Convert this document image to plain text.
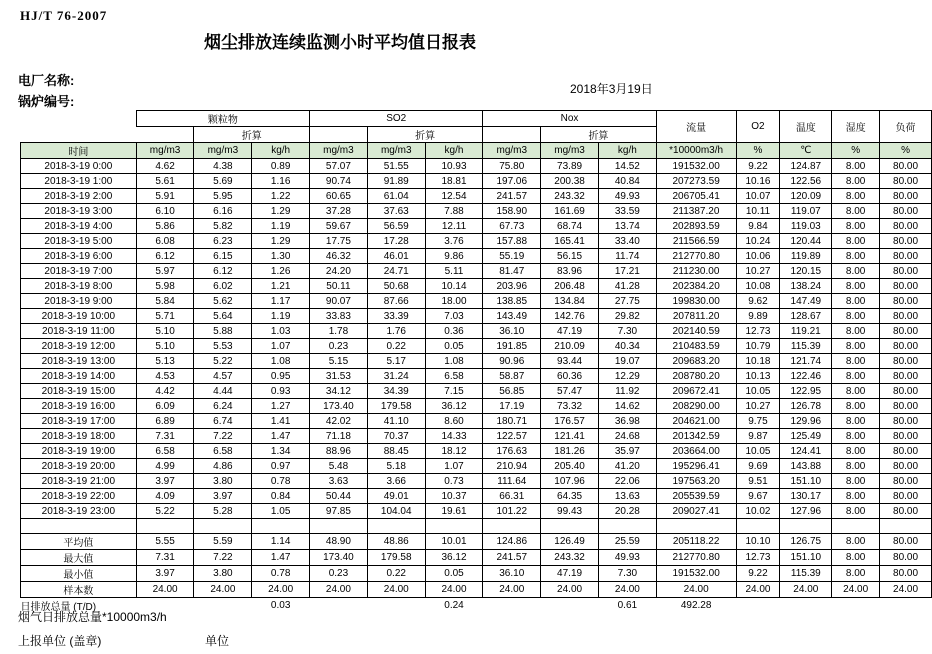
HJ/T 76-2007
烟尘排放连续监测小时平均值日报表
电厂名称:
锅炉编号:
2018年3月19日
	颗粒物			SO2			Nox			流量	O2	温度	湿度	负荷
		折算			折算			折算						
时间	mg/m3	mg/m3	kg/h	mg/m3	mg/m3	kg/h	mg/m3	mg/m3	kg/h	*10000m3/h	%	℃	%	%
2018-3-19 0:00	4.62	4.38	0.89	57.07	51.55	10.93	75.80	73.89	14.52	191532.00	9.22	124.87	8.00	80.00
2018-3-19 1:00	5.61	5.69	1.16	90.74	91.89	18.81	197.06	200.38	40.84	207273.59	10.16	122.56	8.00	80.00
2018-3-19 2:00	5.91	5.95	1.22	60.65	61.04	12.54	241.57	243.32	49.93	206705.41	10.07	120.09	8.00	80.00
2018-3-19 3:00	6.10	6.16	1.29	37.28	37.63	7.88	158.90	161.69	33.59	211387.20	10.11	119.07	8.00	80.00
2018-3-19 4:00	5.86	5.82	1.19	59.67	56.59	12.11	67.73	68.74	13.74	202893.59	9.84	119.03	8.00	80.00
2018-3-19 5:00	6.08	6.23	1.29	17.75	17.28	3.76	157.88	165.41	33.40	211566.59	10.24	120.44	8.00	80.00
2018-3-19 6:00	6.12	6.15	1.30	46.32	46.01	9.86	55.19	56.15	11.74	212770.80	10.06	119.89	8.00	80.00
2018-3-19 7:00	5.97	6.12	1.26	24.20	24.71	5.11	81.47	83.96	17.21	211230.00	10.27	120.15	8.00	80.00
2018-3-19 8:00	5.98	6.02	1.21	50.11	50.68	10.14	203.96	206.48	41.28	202384.20	10.08	138.24	8.00	80.00
2018-3-19 9:00	5.84	5.62	1.17	90.07	87.66	18.00	138.85	134.84	27.75	199830.00	9.62	147.49	8.00	80.00
2018-3-19 10:00	5.71	5.64	1.19	33.83	33.39	7.03	143.49	142.76	29.82	207811.20	9.89	128.67	8.00	80.00
2018-3-19 11:00	5.10	5.88	1.03	1.78	1.76	0.36	36.10	47.19	7.30	202140.59	12.73	119.21	8.00	80.00
2018-3-19 12:00	5.10	5.53	1.07	0.23	0.22	0.05	191.85	210.09	40.34	210483.59	10.79	115.39	8.00	80.00
2018-3-19 13:00	5.13	5.22	1.08	5.15	5.17	1.08	90.96	93.44	19.07	209683.20	10.18	121.74	8.00	80.00
2018-3-19 14:00	4.53	4.57	0.95	31.53	31.24	6.58	58.87	60.36	12.29	208780.20	10.13	122.46	8.00	80.00
2018-3-19 15:00	4.42	4.44	0.93	34.12	34.39	7.15	56.85	57.47	11.92	209672.41	10.05	122.95	8.00	80.00
2018-3-19 16:00	6.09	6.24	1.27	173.40	179.58	36.12	17.19	73.32	14.62	208290.00	10.27	126.78	8.00	80.00
2018-3-19 17:00	6.89	6.74	1.41	42.02	41.10	8.60	180.71	176.57	36.98	204621.00	9.75	129.96	8.00	80.00
2018-3-19 18:00	7.31	7.22	1.47	71.18	70.37	14.33	122.57	121.41	24.68	201342.59	9.87	125.49	8.00	80.00
2018-3-19 19:00	6.58	6.58	1.34	88.96	88.45	18.12	176.63	181.26	35.97	203664.00	10.05	124.41	8.00	80.00
2018-3-19 20:00	4.99	4.86	0.97	5.48	5.18	1.07	210.94	205.40	41.20	195296.41	9.69	143.88	8.00	80.00
2018-3-19 21:00	3.97	3.80	0.78	3.63	3.66	0.73	111.64	107.96	22.06	197563.20	9.51	151.10	8.00	80.00
2018-3-19 22:00	4.09	3.97	0.84	50.44	49.01	10.37	66.31	64.35	13.63	205539.59	9.67	130.17	8.00	80.00
2018-3-19 23:00	5.22	5.28	1.05	97.85	104.04	19.61	101.22	99.43	20.28	209027.41	10.02	127.96	8.00	80.00

平均值	5.55	5.59	1.14	48.90	48.86	10.01	124.86	126.49	25.59	205118.22	10.10	126.75	8.00	80.00
最大值	7.31	7.22	1.47	173.40	179.58	36.12	241.57	243.32	49.93	212770.80	12.73	151.10	8.00	80.00
最小值	3.97	3.80	0.78	0.23	0.22	0.05	36.10	47.19	7.30	191532.00	9.22	115.39	8.00	80.00
样本数	24.00	24.00	24.00	24.00	24.00	24.00	24.00	24.00	24.00	24.00	24.00	24.00	24.00	24.00
日排放总量 (T/D)			0.03			0.24			0.61	492.28				
烟气日排放总量*10000m3/h
上报单位 (盖章)	单位
